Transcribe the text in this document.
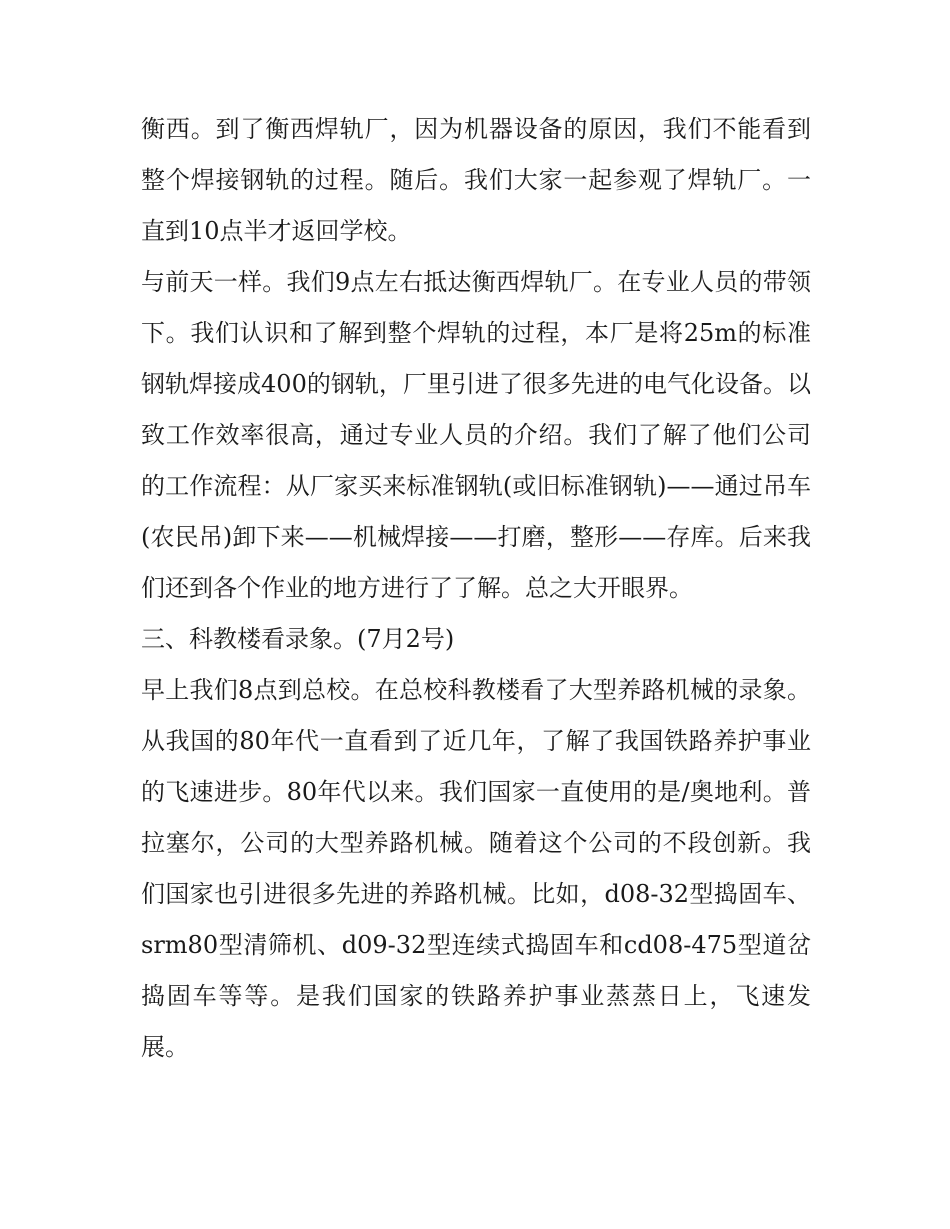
衡西。到了衡西焊轨厂，因为机器设备的原因，我们不能看到整个焊接钢轨的过程。随后。我们大家一起参观了焊轨厂。一直到10点半才返回学校。

与前天一样。我们9点左右抵达衡西焊轨厂。在专业人员的带领下。我们认识和了解到整个焊轨的过程，本厂是将25m的标准钢轨焊接成400的钢轨，厂里引进了很多先进的电气化设备。以致工作效率很高，通过专业人员的介绍。我们了解了他们公司的工作流程：从厂家买来标准钢轨(或旧标准钢轨)——通过吊车(农民吊)卸下来——机械焊接——打磨，整形——存库。后来我们还到各个作业的地方进行了了解。总之大开眼界。

三、科教楼看录象。(7月2号)

早上我们8点到总校。在总校科教楼看了大型养路机械的录象。从我国的80年代一直看到了近几年，了解了我国铁路养护事业的飞速进步。80年代以来。我们国家一直使用的是/奥地利。普拉塞尔，公司的大型养路机械。随着这个公司的不段创新。我们国家也引进很多先进的养路机械。比如，d08-32型捣固车、srm80型清筛机、d09-32型连续式捣固车和cd08-475型道岔捣固车等等。是我们国家的铁路养护事业蒸蒸日上，飞速发展。
